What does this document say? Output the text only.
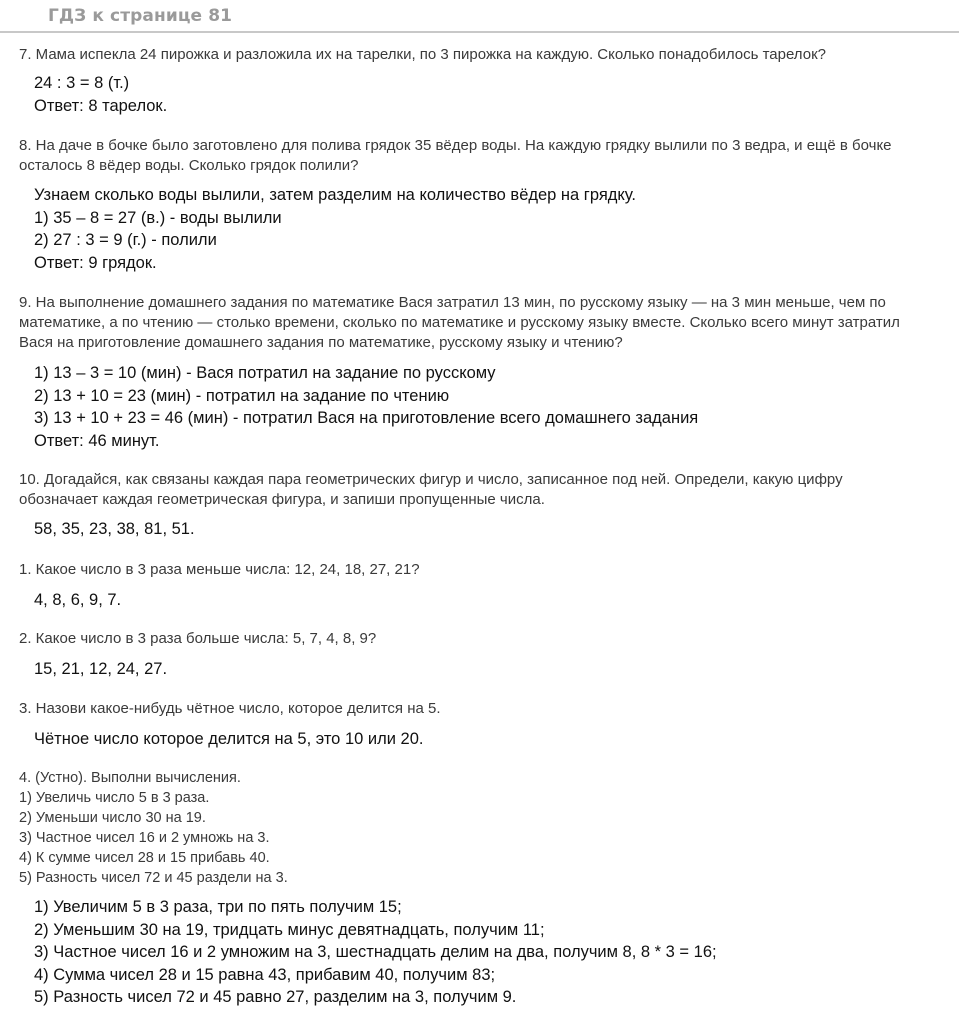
ГДЗ к странице 81
7. Мама испекла 24 пирожка и разложила их на тарелки, по 3 пирожка на каждую. Сколько понадобилось тарелок?
24 : 3 = 8 (т.)
Ответ: 8 тарелок.
8. На даче в бочке было заготовлено для полива грядок 35 вёдер воды. На каждую грядку вылили по 3 ведра, и ещё в бочке
осталось 8 вёдер воды. Сколько грядок полили?
Узнаем сколько воды вылили, затем разделим на количество вёдер на грядку.
1) 35 – 8 = 27 (в.) - воды вылили
2) 27 : 3 = 9 (г.) - полили
Ответ: 9 грядок.
9. На выполнение домашнего задания по математике Вася затратил 13 мин, по русскому языку — на 3 мин меньше, чем по
математике, а по чтению — столько времени, сколько по математике и русскому языку вместе. Сколько всего минут затратил
Вася на приготовление домашнего задания по математике, русскому языку и чтению?
1) 13 – 3 = 10 (мин) - Вася потратил на задание по русскому
2) 13 + 10 = 23 (мин) - потратил на задание по чтению
3) 13 + 10 + 23 = 46 (мин) - потратил Вася на приготовление всего домашнего задания
Ответ: 46 минут.
10. Догадайся, как связаны каждая пара геометрических фигур и число, записанное под ней. Определи, какую цифру
обозначает каждая геометрическая фигура, и запиши пропущенные числа.
58, 35, 23, 38, 81, 51.
1. Какое число в 3 раза меньше числа: 12, 24, 18, 27, 21?
4, 8, 6, 9, 7.
2. Какое число в 3 раза больше числа: 5, 7, 4, 8, 9?
15, 21, 12, 24, 27.
3. Назови какое-нибудь чётное число, которое делится на 5.
Чётное число которое делится на 5, это 10 или 20.
4. (Устно). Выполни вычисления.
1) Увеличь число 5 в 3 раза.
2) Уменьши число 30 на 19.
3) Частное чисел 16 и 2 умножь на 3.
4) К сумме чисел 28 и 15 прибавь 40.
5) Разность чисел 72 и 45 раздели на 3.
1) Увеличим 5 в 3 раза, три по пять получим 15;
2) Уменьшим 30 на 19, тридцать минус девятнадцать, получим 11;
3) Частное чисел 16 и 2 умножим на 3, шестнадцать делим на два, получим 8, 8 * 3 = 16;
4) Сумма чисел 28 и 15 равна 43, прибавим 40, получим 83;
5) Разность чисел 72 и 45 равно 27, разделим на 3, получим 9.
